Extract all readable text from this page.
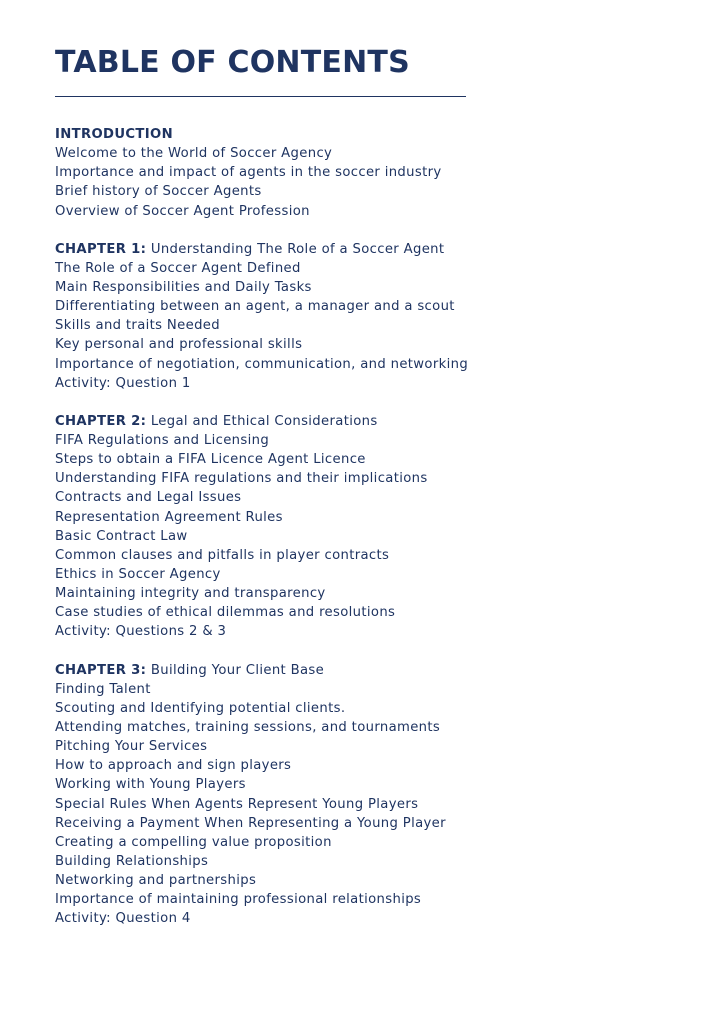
TABLE OF CONTENTS
INTRODUCTION
Welcome to the World of Soccer Agency
Importance and impact of agents in the soccer industry
Brief history of Soccer Agents
Overview of Soccer Agent Profession
CHAPTER 1: Understanding The Role of a Soccer Agent
The Role of a Soccer Agent Defined
Main Responsibilities and Daily Tasks
Differentiating between an agent, a manager and a scout
Skills and traits Needed
Key personal and professional skills
Importance of negotiation, communication, and networking
Activity: Question 1
CHAPTER 2: Legal and Ethical Considerations
FIFA Regulations and Licensing
Steps to obtain a FIFA Licence Agent Licence
Understanding FIFA regulations and their implications
Contracts and Legal Issues
Representation Agreement Rules
Basic Contract Law
Common clauses and pitfalls in player contracts
Ethics in Soccer Agency
Maintaining integrity and transparency
Case studies of ethical dilemmas and resolutions
Activity: Questions 2 & 3
CHAPTER 3: Building Your Client Base
Finding Talent
Scouting and Identifying potential clients.
Attending matches, training sessions, and tournaments
Pitching Your Services
How to approach and sign players
Working with Young Players
Special Rules When Agents Represent Young Players
Receiving a Payment When Representing a Young Player
Creating a compelling value proposition
Building Relationships
Networking and partnerships
Importance of maintaining professional relationships
Activity: Question 4
